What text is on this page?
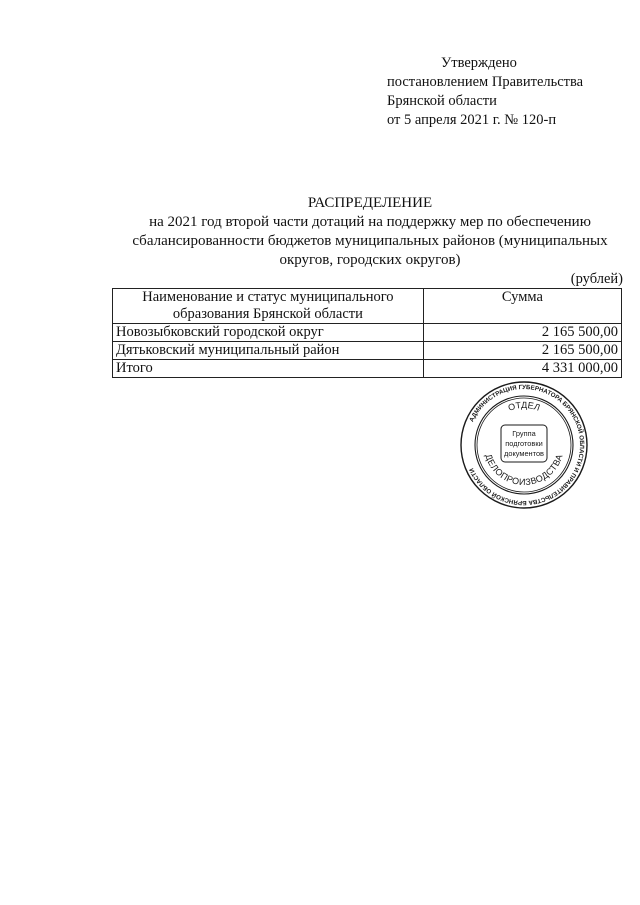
Утверждено
постановлением Правительства
Брянской области
от 5 апреля 2021 г. № 120-п
РАСПРЕДЕЛЕНИЕ
на 2021 год второй части дотаций на поддержку мер по обеспечению
сбалансированности бюджетов муниципальных районов (муниципальных
округов, городских округов)
(рублей)
Наименование и статус муниципального образования Брянской области	Сумма
Новозыбковский городской округ	2 165 500,00
Дятьковский муниципальный район	2 165 500,00
Итого	4 331 000,00
АДМИНИСТРАЦИЯ ГУБЕРНАТОРА БРЯНСКОЙ ОБЛАСТИ И ПРАВИТЕЛЬСТВА БРЯНСКОЙ ОБЛАСТИ
ОТДЕЛ
ДЕЛОПРОИЗВОДСТВА
Группа
подготовки
документов
